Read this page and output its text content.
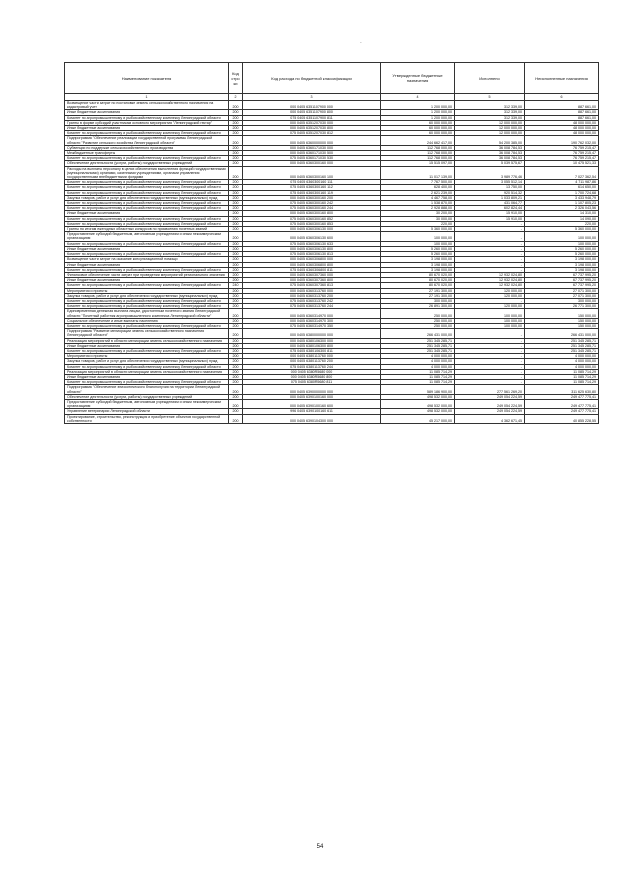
-
Наименование показателя	Код стро ки	Код расхода по бюджетной классификации	Утвержденные бюджетные назначения	Исполнено	Неисполненные назначения
1	2	3	4	5	6
Возмещение части затрат по постановке земель сельскохозяйственного назначения на кадастровый учет	200	000 0405 6351107900 000	1 200 000,00	312 339,00	887 661,00
Иные бюджетные ассигнования	200	000 0405 6351107900 800	1 200 000,00	312 339,00	887 661,00
Комитет по агропромышленному и рыбохозяйственному комплексу Ленинградской области	200	075 0405 6351107900 811	1 200 000,00	312 339,00	887 661,00
Гранты в форме субсидий участникам основного мероприятия "Ленинградский гектар"	200	000 0405 6351207030 000	60 000 000,00	12 000 000,00	48 000 000,00
Иные бюджетные ассигнования	200	000 0405 6351207030 800	60 000 000,00	12 000 000,00	48 000 000,00
Комитет по агропромышленному и рыбохозяйственному комплексу Ленинградской области	200	075 0405 6351207030 812	60 000 000,00	12 000 000,00	48 000 000,00
Подпрограмма "Обеспечение реализации государственной программы Ленинградской области "Развитие сельского хозяйства Ленинградской области"	200	000 0405 6360000000 000	244 662 417,00	54 200 385,00	190 762 032,00
Субвенции по поддержке сельскохозяйственного производства	200	000 0405 6360171030 000	112 768 000,00	36 008 784,53	76 759 215,47
Межбюджетные трансферты	200	000 0405 6360171030 500	112 768 000,00	36 008 784,53	76 759 215,47
Комитет по агропромышленному и рыбохозяйственному комплексу Ленинградской области	200	075 0405 6360171030 530	112 768 000,00	36 008 784,53	76 759 215,47
Обеспечение деятельности (услуги, работы) государственных учреждений	200	000 0405 6360300160 000	15 515 097,00	5 039 575,67	10 475 521,33
Расходы на выплаты персоналу в целях обеспечения выполнения функций государственными (муниципальными) органами, казенными учреждениями, органами управления государственными внебюджетными фондами	200	000 0405 6360300160 100	11 017 139,00	3 989 776,46	7 027 362,54
Комитет по агропромышленному и рыбохозяйственному комплексу Ленинградской области	200	075 0405 6360300160 111	7 767 500,00	3 055 512,14	4 711 987,86
Комитет по агропромышленному и рыбохозяйственному комплексу Ленинградской области	200	075 0405 6360300160 112	628 400,00	13 750,00	614 650,00
Комитет по агропромышленному и рыбохозяйственному комплексу Ленинградской области	200	075 0405 6360300160 119	2 621 239,00	920 514,32	1 700 724,68
Закупка товаров, работ и услуг для обеспечения государственных (муниципальных) нужд	200	000 0405 6360300160 200	4 467 758,00	1 033 809,21	3 433 948,79
Комитет по агропромышленному и рыбохозяйственному комплексу Ленинградской области	200	075 0405 6360300160 242	1 538 870,00	431 064,77	1 107 805,23
Комитет по агропромышленному и рыбохозяйственному комплексу Ленинградской области	200	075 0405 6360300160 244	2 928 888,00	602 824,44	2 326 043,56
Иные бюджетные ассигнования	200	000 0405 6360300160 800	30 200,00	15 910,00	14 310,00
Комитет по агропромышленному и рыбохозяйственному комплексу Ленинградской области	200	075 0405 6360300160 852	30 000,00	15 910,00	14 090,00
Комитет по агропромышленному и рыбохозяйственному комплексу Ленинградской области	200	075 0405 6360300160 853	220,00	-	220,00
Гранты по итогам ежегодных областных конкурсов по присвоению почетных званий	200	000 0405 6360306130 000	5 360 000,00	-	5 360 000,00
Предоставление субсидий бюджетным, автономным учреждениям и иным некоммерческим организациям	200	000 0405 6360306130 600	100 000,00	-	100 000,00
Комитет по агропромышленному и рыбохозяйственному комплексу Ленинградской области	200	075 0405 6360306130 633	100 000,00	-	100 000,00
Иные бюджетные ассигнования	200	000 0405 6360306130 800	5 260 000,00	-	5 260 000,00
Комитет по агропромышленному и рыбохозяйственному комплексу Ленинградской области	200	075 0405 6360306130 813	5 260 000,00	-	5 260 000,00
Возмещение части затрат на оказание консультационной помощи	200	000 0405 6360306800 000	3 198 000,00	-	3 198 000,00
Иные бюджетные ассигнования	200	000 0405 6360306800 800	3 198 000,00	-	3 198 000,00
Комитет по агропромышленному и рыбохозяйственному комплексу Ленинградской области	200	075 0405 6360306800 811	3 198 000,00	-	3 198 000,00
Финансовое обеспечение части затрат при проведении мероприятий регионального значения	200	000 0405 6360307360 000	80 670 020,00	12 932 024,80	67 737 995,20
Иные бюджетные ассигнования	200	000 0405 6360307360 800	80 670 020,00	12 932 024,80	67 737 995,20
Комитет по агропромышленному и рыбохозяйственному комплексу Ленинградской области	240	075 0405 6360307360 813	80 670 020,00	12 932 024,80	67 737 995,20
Мероприятия и проекты	200	000 0405 6360313760 000	27 191 300,00	120 000,00	27 071 300,00
Закупка товаров, работ и услуг для обеспечения государственных (муниципальных) нужд	200	000 0405 6360313760 200	27 191 300,00	120 000,00	27 071 300,00
Комитет по агропромышленному и рыбохозяйственному комплексу Ленинградской области	200	075 0405 6360313760 242	300 000,00	-	300 000,00
Комитет по агропромышленному и рыбохозяйственному комплексу Ленинградской области	200	075 0405 6360313760 244	26 891 300,00	120 000,00	26 771 300,00
Единовременная денежная выплата лицам, удостоенным почетного звания Ленинградской области "Почетный работник агропромышленного комплекса Ленинградской области"	200	000 0405 6360314970 000	250 000,00	100 000,00	150 000,00
Социальное обеспечение и иные выплаты населению	200	000 0405 6360314970 300	250 000,00	100 000,00	150 000,00
Комитет по агропромышленному и рыбохозяйственному комплексу Ленинградской области	200	075 0405 6360314970 350	250 000,00	100 000,00	150 000,00
Подпрограмма "Развитие мелиорации земель сельскохозяйственного назначения Ленинградской области"	200	000 0405 6380000000 000	266 431 000,00	-	266 431 000,00
Реализация мероприятий в области мелиорации земель сельскохозяйственного назначения	200	000 0405 6380106300 000	251 345 285,71	-	251 345 285,71
Иные бюджетные ассигнования	200	000 0405 6380106300 800	251 345 285,71	-	251 345 285,71
Комитет по агропромышленному и рыбохозяйственному комплексу Ленинградской области	200	075 0405 6380106300 811	251 345 285,71	-	251 345 285,71
Мероприятия и проекты	200	000 0405 6380113760 000	4 000 000,00	-	4 000 000,00
Закупка товаров, работ и услуг для обеспечения государственных (муниципальных) нужд	200	000 0405 6380113760 200	4 000 000,00	-	4 000 000,00
Комитет по агропромышленному и рыбохозяйственному комплексу Ленинградской области	200	075 0405 6380113760 244	4 000 000,00	-	4 000 000,00
Реализация мероприятий в области мелиорации земель сельскохозяйственного назначения	200	000 0405 6380R5680 000	11 085 714,29	-	11 085 714,29
Иные бюджетные ассигнования	200	000 0405 6380R5680 800	11 085 714,29	-	11 085 714,29
Комитет по агропромышленному и рыбохозяйственному комплексу Ленинградской области	200	075 0405 6380R5680 811	11 085 714,29	-	11 085 714,29
Подпрограмма "Обеспечение эпизоотического благополучия на территории Ленинградской области"	200	000 0405 6390000000 000	589 186 900,00	277 561 269,20	311 625 630,80
Обеспечение деятельности (услуги, работы) государственных учреждений	200	000 0405 6390100160 000	498 532 000,00	249 054 224,59	249 477 775,41
Предоставление субсидий бюджетным, автономным учреждениям и иным некоммерческим организациям	200	000 0405 6390100160 600	498 532 000,00	249 054 224,59	249 477 775,41
Управление ветеринарии Ленинградской области	200	996 0405 6390100160 611	498 532 000,00	249 054 224,59	249 477 775,41
Проектирование, строительство, реконструкция и приобретение объектов государственной собственности	200	000 0405 6390104300 000	45 217 000,00	4 362 671,45	40 855 228,55
54
